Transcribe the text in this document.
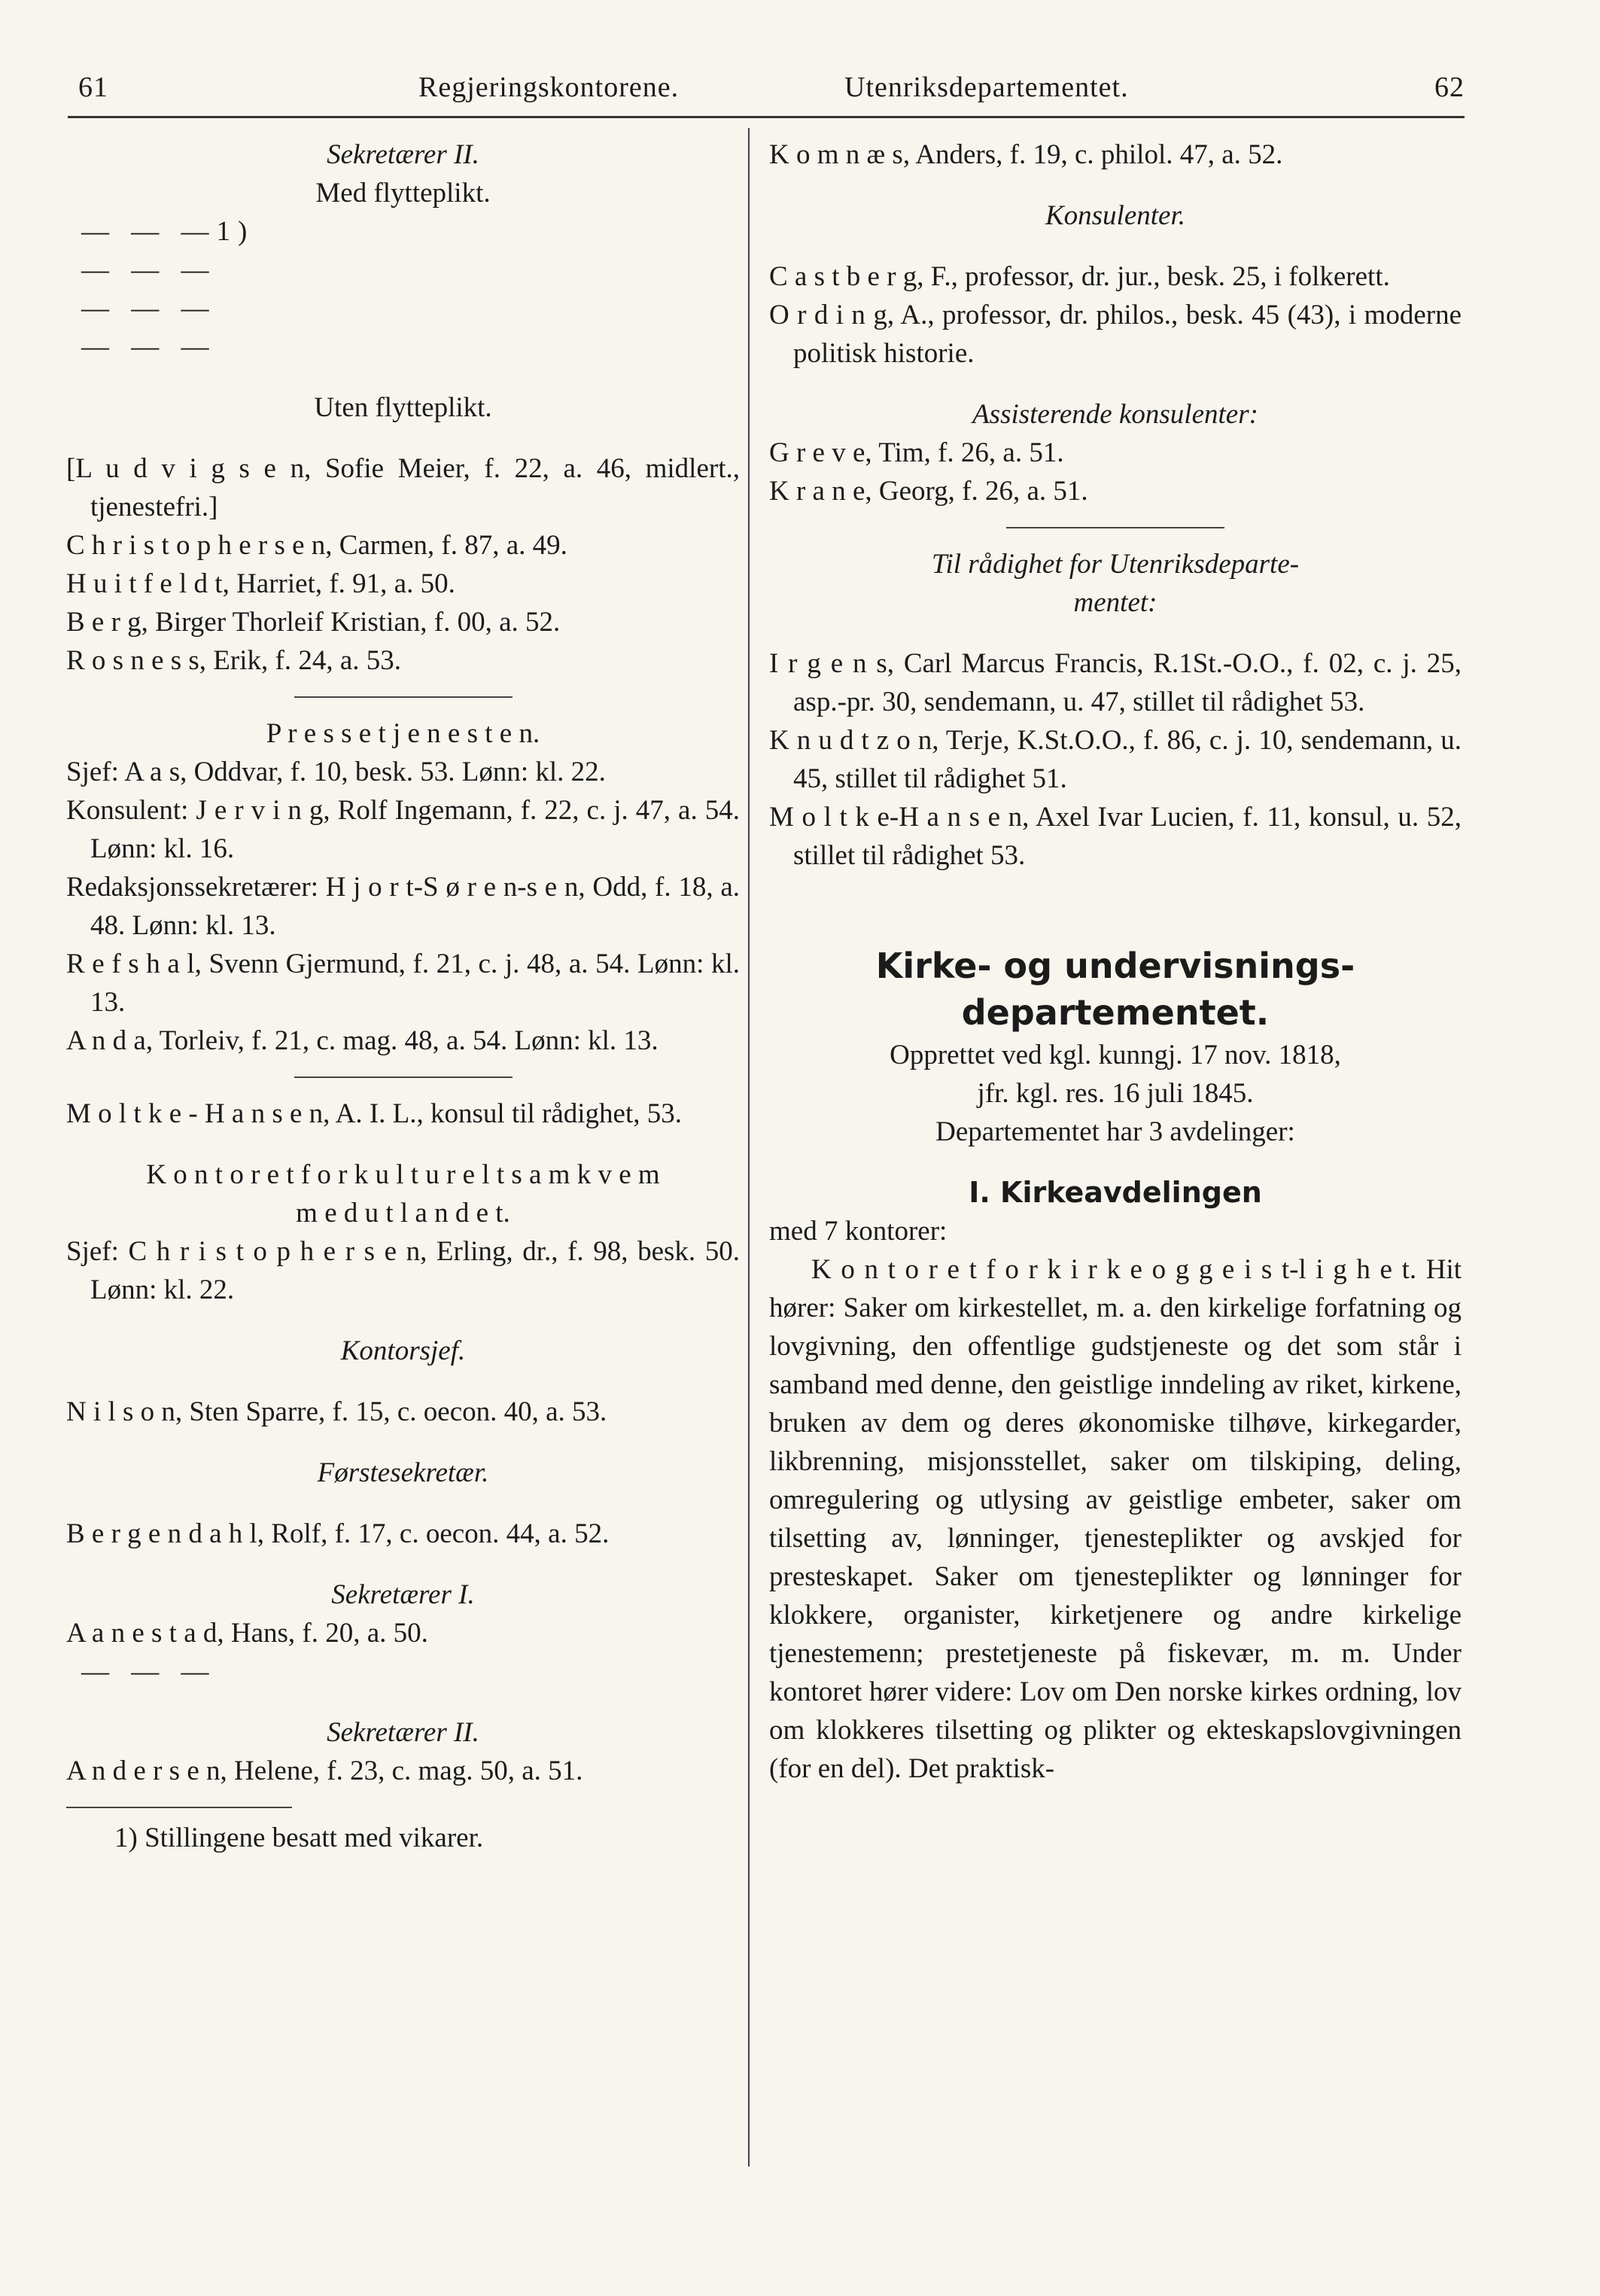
61	Regjeringskontorene.	Utenriksdepartementet.	62
Sekretærer II.
Med flytteplikt.
— — —1)
— — —
— — —
— — —
Uten flytteplikt.
[L u d v i g s e n, Sofie Meier, f. 22, a. 46, midlert., tjenestefri.]
C h r i s t o p h e r s e n, Carmen, f. 87, a. 49.
H u i t f e l d t, Harriet, f. 91, a. 50.
B e r g, Birger Thorleif Kristian, f. 00, a. 52.
R o s n e s s, Erik, f. 24, a. 53.
P r e s s e t j e n e s t e n.
Sjef: A a s, Oddvar, f. 10, besk. 53. Lønn: kl. 22.
Konsulent: J e r v i n g, Rolf Ingemann, f. 22, c. j. 47, a. 54. Lønn: kl. 16.
Redaksjonssekretærer: H j o r t-S ø r e n-s e n, Odd, f. 18, a. 48. Lønn: kl. 13.
R e f s h a l, Svenn Gjermund, f. 21, c. j. 48, a. 54. Lønn: kl. 13.
A n d a, Torleiv, f. 21, c. mag. 48, a. 54. Lønn: kl. 13.
M o l t k e - H a n s e n, A. I. L., konsul til rådighet, 53.
K o n t o r e t f o r k u l t u r e l t s a m k v e m
m e d u t l a n d e t.
Sjef: C h r i s t o p h e r s e n, Erling, dr., f. 98, besk. 50. Lønn: kl. 22.
Kontorsjef.
N i l s o n, Sten Sparre, f. 15, c. oecon. 40, a. 53.
Førstesekretær.
B e r g e n d a h l, Rolf, f. 17, c. oecon. 44, a. 52.
Sekretærer I.
A a n e s t a d, Hans, f. 20, a. 50.
— — —
Sekretærer II.
A n d e r s e n, Helene, f. 23, c. mag. 50, a. 51.
1) Stillingene besatt med vikarer.
K o m n æ s, Anders, f. 19, c. philol. 47, a. 52.
Konsulenter.
C a s t b e r g, F., professor, dr. jur., besk. 25, i folkerett.
O r d i n g, A., professor, dr. philos., besk. 45 (43), i moderne politisk historie.
Assisterende konsulenter:
G r e v e, Tim, f. 26, a. 51.
K r a n e, Georg, f. 26, a. 51.
Til rådighet for Utenriksdeparte-
mentet:
I r g e n s, Carl Marcus Francis, R.1St.-O.O., f. 02, c. j. 25, asp.-pr. 30, sendemann, u. 47, stillet til rådighet 53.
K n u d t z o n, Terje, K.St.O.O., f. 86, c. j. 10, sendemann, u. 45, stillet til rådighet 51.
M o l t k e-H a n s e n, Axel Ivar Lucien, f. 11, konsul, u. 52, stillet til rådighet 53.
Kirke- og undervisnings-
departementet.
Opprettet ved kgl. kunngj. 17 nov. 1818,
jfr. kgl. res. 16 juli 1845.
Departementet har 3 avdelinger:
I. Kirkeavdelingen
med 7 kontorer:
K o n t o r e t f o r k i r k e o g g e i s t-l i g h e t. Hit hører: Saker om kirkestellet, m. a. den kirkelige forfatning og lovgivning, den offentlige gudstjeneste og det som står i samband med denne, den geistlige inndeling av riket, kirkene, bruken av dem og deres økonomiske tilhøve, kirkegarder, likbrenning, misjonsstellet, saker om tilskiping, deling, omregulering og utlysing av geistlige embeter, saker om tilsetting av, lønninger, tjenesteplikter og avskjed for presteskapet. Saker om tjenesteplikter og lønninger for klokkere, organister, kirketjenere og andre kirkelige tjenestemenn; prestetjeneste på fiskevær, m. m. Under kontoret hører videre: Lov om Den norske kirkes ordning, lov om klokkeres tilsetting og plikter og ekteskapslovgivningen (for en del). Det praktisk-
